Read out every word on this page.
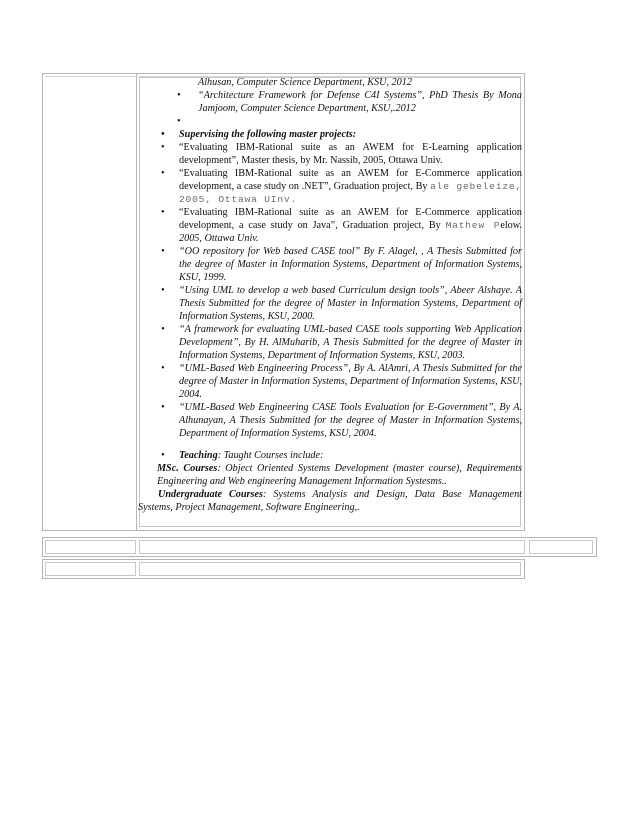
Alhusan, Computer Science Department, KSU, 2012
• “Architecture Framework for Defense C4I Systems”, PhD Thesis By Mona Jamjoom, Computer Science Department, KSU,.2012
•

• Supervising the following master projects:
• “Evaluating IBM-Rational suite as an AWEM for E-Learning application development”, Master thesis, by Mr. Nassib, 2005, Ottawa Univ.
• “Evaluating IBM-Rational suite as an AWEM for E-Commerce application development, a case study on .NET”, Graduation project, By ale gebeleize, 2005, Ottawa UInv.
• “Evaluating IBM-Rational suite as an AWEM for E-Commerce application development, a case study on Java”, Graduation project, By Mathew Pelow. 2005, Ottawa Univ.
• “OO repository for Web based CASE tool” By F. Alagel, , A Thesis Submitted for the degree of Master in Information Systems, Department of Information Systems, KSU, 1999.
• “Using UML to develop a web based Curriculum design tools”, Abeer Alshaye. A Thesis Submitted for the degree of Master in Information Systems, Department of Information Systems, KSU, 2000.
• “A framework for evaluating UML-based CASE tools supporting Web Application Development”, By H. AlMuharib, A Thesis Submitted for the degree of Master in Information Systems, Department of Information Systems, KSU, 2003.
• “UML-Based Web Engineering Process”, By A. AlAmri, A Thesis Submitted for the degree of Master in Information Systems, Department of Information Systems, KSU, 2004.
• “UML-Based Web Engineering CASE Tools Evaluation for E-Government”, By A. Alhunayan, A Thesis Submitted for the degree of Master in Information Systems, Department of Information Systems, KSU, 2004.
• Teaching: Taught Courses include:
MSc. Courses: Object Oriented Systems Development (master course), Requirements Engineering and Web engineering Management Information Systesms..
Undergraduate Courses: Systems Analysis and Design, Data Base Management Systems, Project Management, Software Engineering,.
